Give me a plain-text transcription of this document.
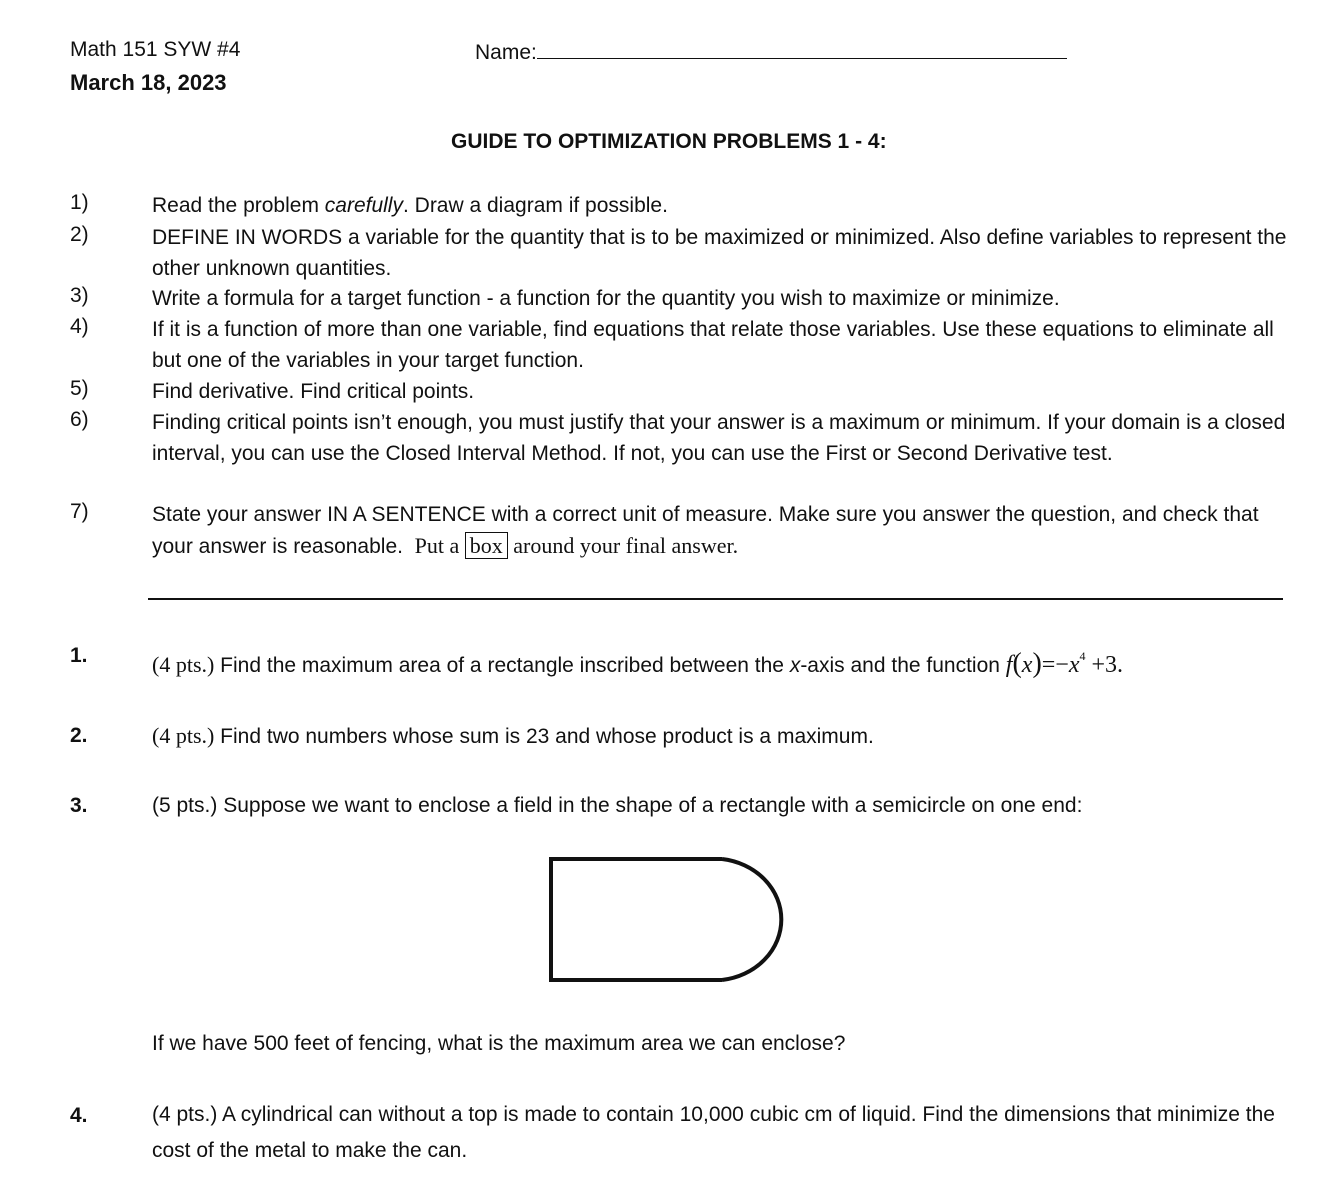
Math 151 SYW #4
March 18, 2023
Name:
GUIDE TO OPTIMIZATION PROBLEMS 1 - 4:
1)	Read the problem carefully. Draw a diagram if possible.
2)	DEFINE IN WORDS a variable for the quantity that is to be maximized or minimized. Also define variables to represent the other unknown quantities.
3)	Write a formula for a target function - a function for the quantity you wish to maximize or minimize.
4)	If it is a function of more than one variable, find equations that relate those variables. Use these equations to eliminate all but one of the variables in your target function.
5)	Find derivative. Find critical points.
6)	Finding critical points isn’t enough, you must justify that your answer is a maximum or minimum. If your domain is a closed interval, you can use the Closed Interval Method. If not, you can use the First or Second Derivative test.
7)	State your answer IN A SENTENCE with a correct unit of measure. Make sure you answer the question, and check that your answer is reasonable. Put a box around your final answer.
1.	(4 pts.) Find the maximum area of a rectangle inscribed between the x-axis and the function $f(x)=-x^4 +3$.
2.	(4 pts.) Find two numbers whose sum is 23 and whose product is a maximum.
3.	(5 pts.) Suppose we want to enclose a field in the shape of a rectangle with a semicircle on one end:
If we have 500 feet of fencing, what is the maximum area we can enclose?
4.	(4 pts.) A cylindrical can without a top is made to contain 10,000 cubic cm of liquid. Find the dimensions that minimize the cost of the metal to make the can.
